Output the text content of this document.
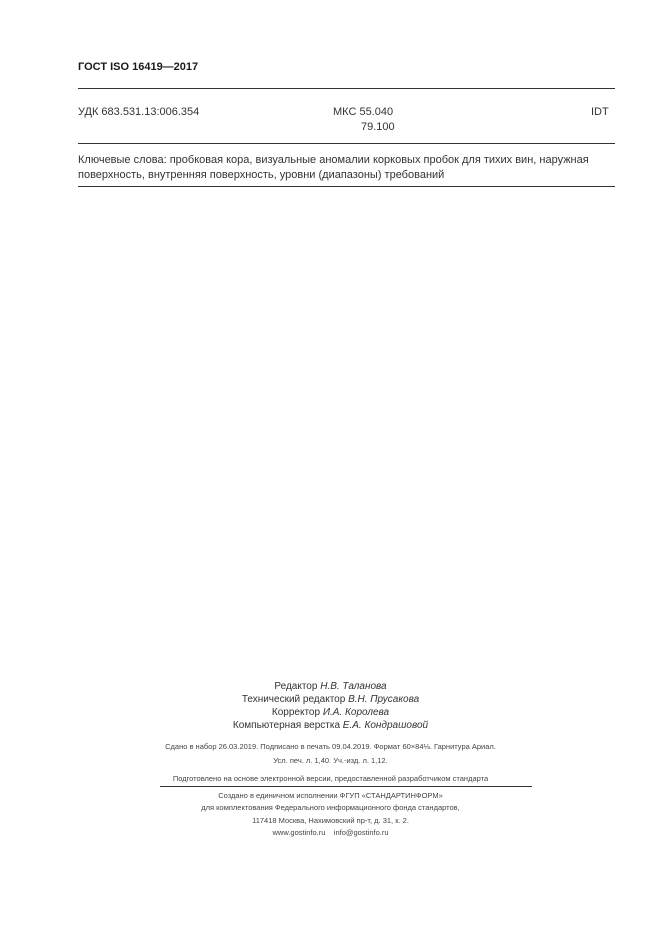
ГОСТ ISO 16419—2017
УДК 683.531.13:006.354	МКС 55.040
79.100
IDT
Ключевые слова: пробковая кора, визуальные аномалии корковых пробок для тихих вин, наружная поверхность, внутренняя поверхность, уровни (диапазоны) требований
Редактор Н.В. Таланова
Технический редактор В.Н. Прусакова
Корректор И.А. Королева
Компьютерная верстка Е.А. Кондрашовой
Сдано в набор 26.03.2019. Подписано в печать 09.04.2019. Формат 60×84⅛. Гарнитура Ариал.
Усл. печ. л. 1,40. Уч.-изд. л. 1,12.
Подготовлено на основе электронной версии, предоставленной разработчиком стандарта
Создано в единичном исполнении ФГУП «СТАНДАРТИНФОРМ»
для комплектования Федерального информационного фонда стандартов,
117418 Москва, Нахимовский пр-т, д. 31, к. 2.
www.gostinfo.ru info@gostinfo.ru
